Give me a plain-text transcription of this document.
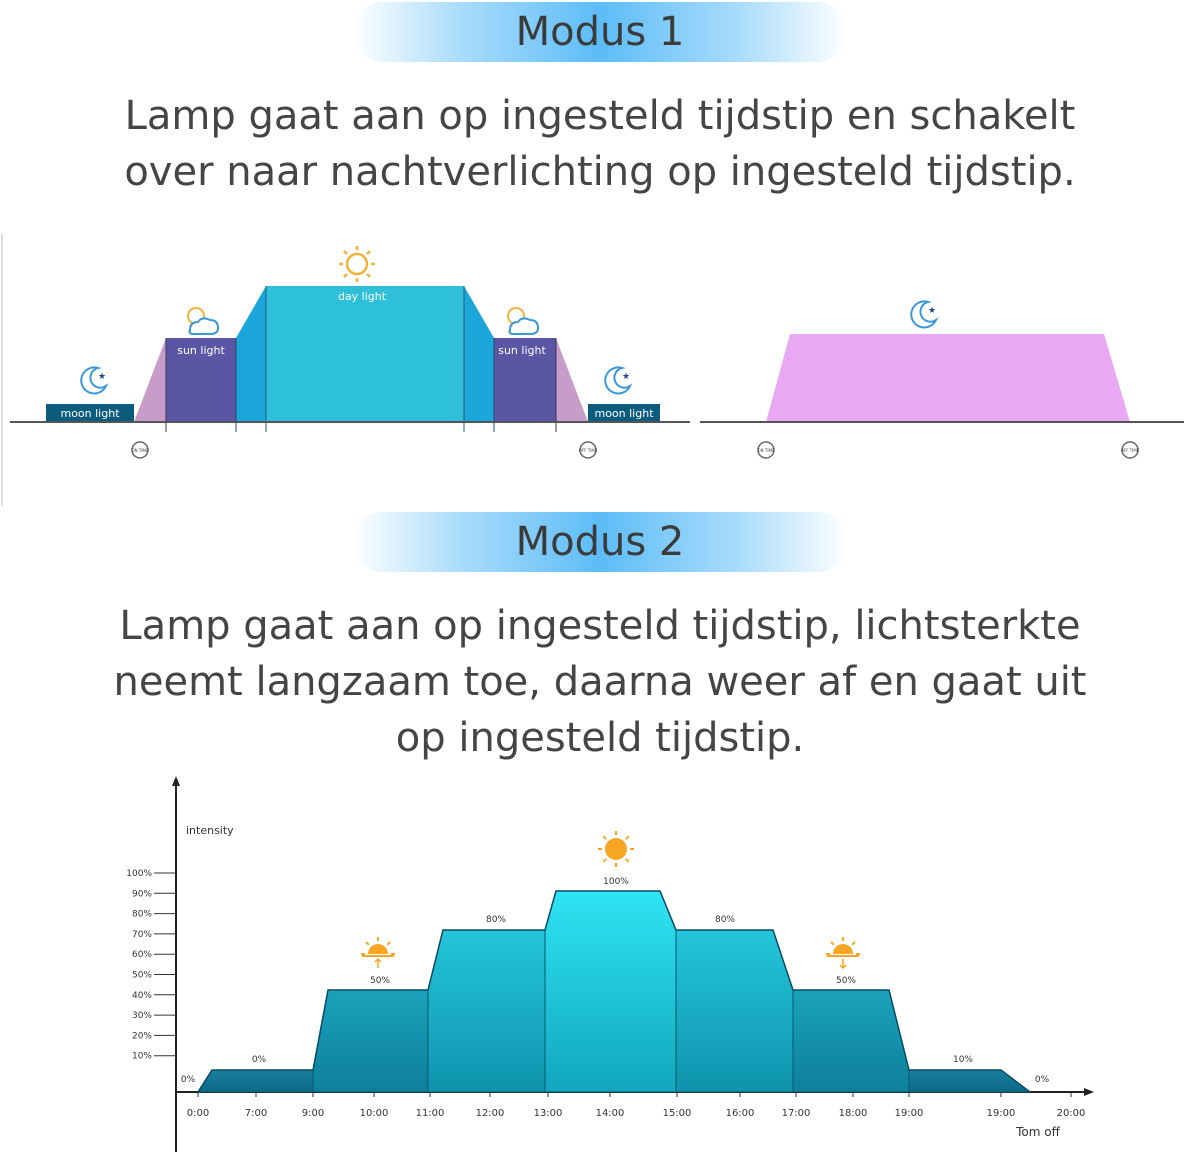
Modus 1
Lamp gaat aan op ingesteld tijdstip en schakelt
over naar nachtverlichting op ingesteld tijdstip.
moon light
sun light
day light
sun light
moon light
★	★
ON TIME	OFF TIME
★
ON TIME	OFF TIME
Modus 2
Lamp gaat aan op ingesteld tijdstip, lichtsterkte
neemt langzaam toe, daarna weer af en gaat uit
op ingesteld tijdstip.
100%
90%
80%
70%
60%
50%
40%
30%
20%
10%
0%
0%
50%
80%
100%
80%
50%
10%
0%
0:00	7:00	9:00	10:00	11:00	12:00	13:00	14:00	15:00	16:00	17:00	18:00	19:00	19:00	20:00
intensity
Tom off
